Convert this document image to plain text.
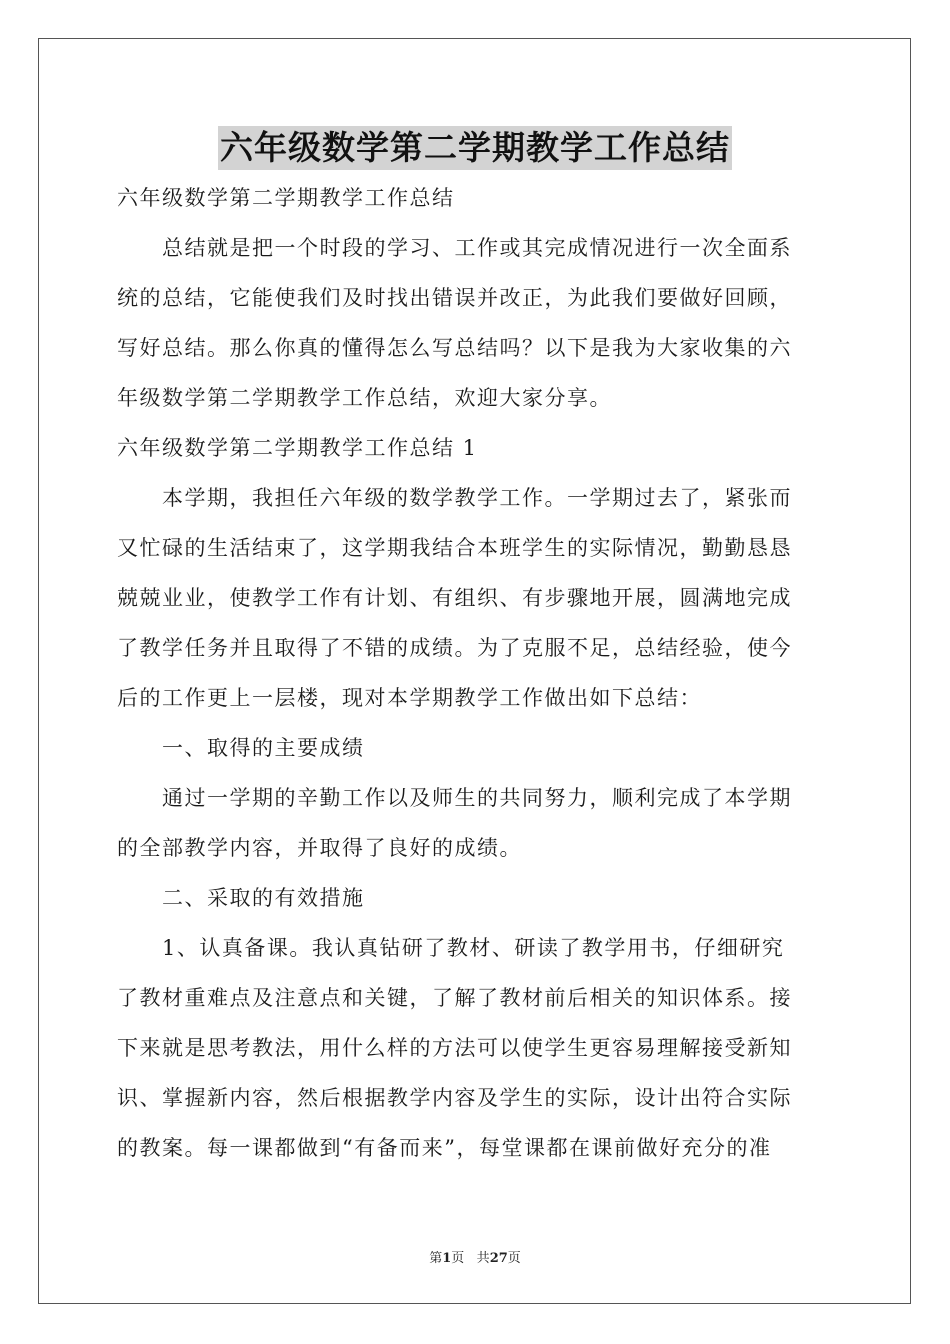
六年级数学第二学期教学工作总结
六年级数学第二学期教学工作总结
　　总结就是把一个时段的学习、工作或其完成情况进行一次全面系
统的总结，它能使我们及时找出错误并改正，为此我们要做好回顾，
写好总结。那么你真的懂得怎么写总结吗？以下是我为大家收集的六
年级数学第二学期教学工作总结，欢迎大家分享。
六年级数学第二学期教学工作总结 1
　　本学期，我担任六年级的数学教学工作。一学期过去了，紧张而
又忙碌的生活结束了，这学期我结合本班学生的实际情况，勤勤恳恳
兢兢业业，使教学工作有计划、有组织、有步骤地开展，圆满地完成
了教学任务并且取得了不错的成绩。为了克服不足，总结经验，使今
后的工作更上一层楼，现对本学期教学工作做出如下总结：
　　一、取得的主要成绩
　　通过一学期的辛勤工作以及师生的共同努力，顺利完成了本学期
的全部教学内容，并取得了良好的成绩。
　　二、采取的有效措施
　　1、认真备课。我认真钻研了教材、研读了教学用书，仔细研究
了教材重难点及注意点和关键，了解了教材前后相关的知识体系。接
下来就是思考教法，用什么样的方法可以使学生更容易理解接受新知
识、掌握新内容，然后根据教学内容及学生的实际，设计出符合实际
的教案。每一课都做到“有备而来”，每堂课都在课前做好充分的准
第1页 共27页
